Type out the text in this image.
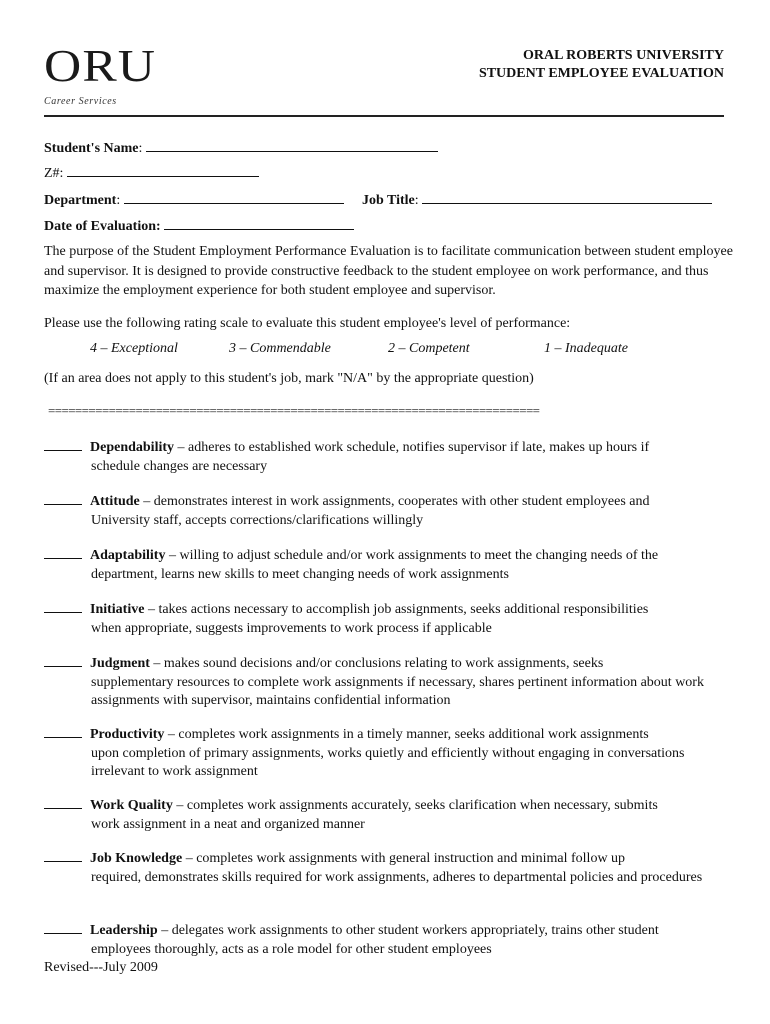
ORU
Career Services
ORAL ROBERTS UNIVERSITY
STUDENT EMPLOYEE EVALUATION
Student's Name:
Z#:
Department:	Job Title:
Date of Evaluation:
The purpose of the Student Employment Performance Evaluation is to facilitate communication between student employee and supervisor. It is designed to provide constructive feedback to the student employee on work performance, and thus maximize the employment experience for both student employee and supervisor.
Please use the following rating scale to evaluate this student employee's level of performance:
4 – Exceptional	3 – Commendable	2 – Competent	1 – Inadequate
(If an area does not apply to this student's job, mark "N/A" by the appropriate question)
=========================================================================
Dependability – adheres to established work schedule, notifies supervisor if late, makes up hours if
schedule changes are necessary
Attitude – demonstrates interest in work assignments, cooperates with other student employees and
University staff, accepts corrections/clarifications willingly
Adaptability – willing to adjust schedule and/or work assignments to meet the changing needs of the
department, learns new skills to meet changing needs of work assignments
Initiative – takes actions necessary to accomplish job assignments, seeks additional responsibilities
when appropriate, suggests improvements to work process if applicable
Judgment – makes sound decisions and/or conclusions relating to work assignments, seeks
supplementary resources to complete work assignments if necessary, shares pertinent information about work assignments with supervisor, maintains confidential information
Productivity – completes work assignments in a timely manner, seeks additional work assignments
upon completion of primary assignments, works quietly and efficiently without engaging in conversations irrelevant to work assignment
Work Quality – completes work assignments accurately, seeks clarification when necessary, submits
work assignment in a neat and organized manner
Job Knowledge – completes work assignments with general instruction and minimal follow up
required, demonstrates skills required for work assignments, adheres to departmental policies and procedures
Leadership – delegates work assignments to other student workers appropriately, trains other student
employees thoroughly, acts as a role model for other student employees
Revised---July 2009
